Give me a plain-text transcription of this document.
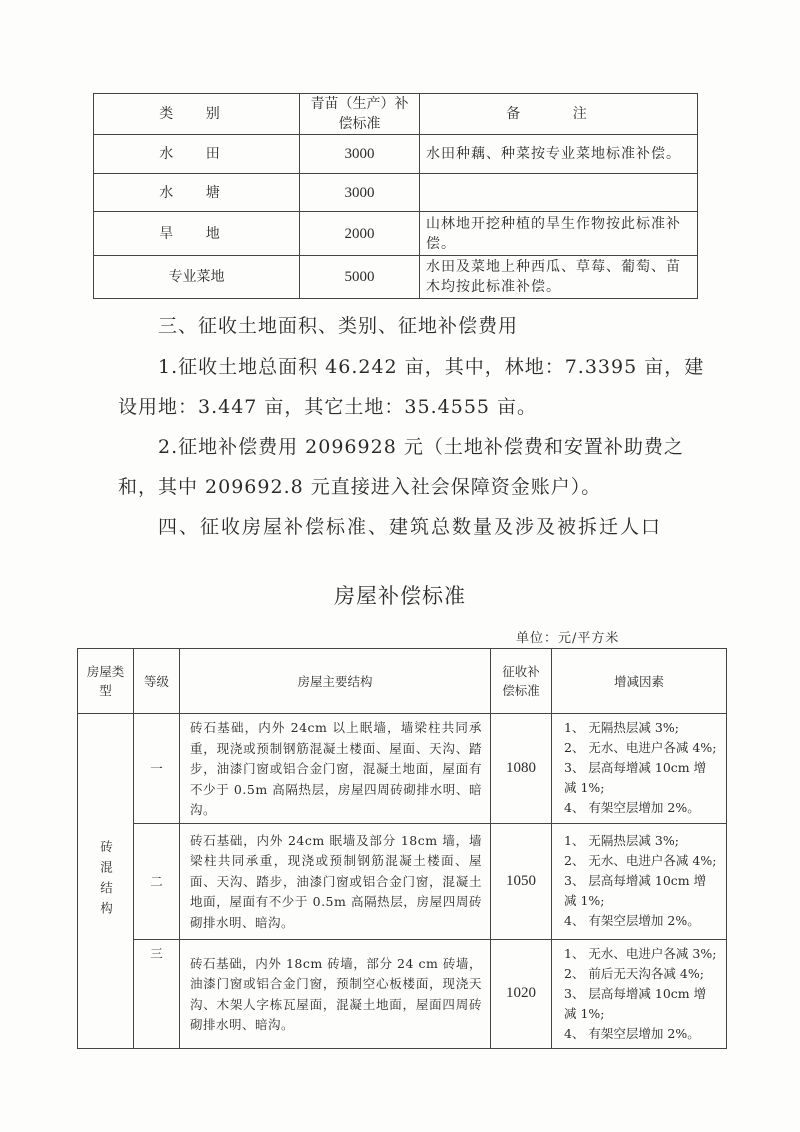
类 别	青苗（生产）补偿标准	备 注
水 田	3000	水田种藕、种菜按专业菜地标准补偿。
水 塘	3000	
旱 地	2000	山林地开挖种植的旱生作物按此标准补偿。
专业菜地	5000	水田及菜地上种西瓜、草莓、葡萄、苗木均按此标准补偿。
三、征收土地面积、类别、征地补偿费用
1.征收土地总面积 46.242 亩，其中，林地：7.3395 亩，建设用地：3.447 亩，其它土地：35.4555 亩。
2.征地补偿费用 2096928 元（土地补偿费和安置补助费之和，其中 209692.8 元直接进入社会保障资金账户）。
四、征收房屋补偿标准、建筑总数量及涉及被拆迁人口
房屋补偿标准
单位：元/平方米
房屋类型	等级	房屋主要结构	征收补偿标准	增减因素

砖混结构	一	砖石基础，内外 24cm 以上眠墙，墙梁柱共同承重，现浇或预制钢筋混凝土楼面、屋面、天沟、踏步，油漆门窗或铝合金门窗，混凝土地面，屋面有不少于 0.5m 高隔热层，房屋四周砖砌排水明、暗沟。	1080	1、 无隔热层减 3%;
2、 无水、电进户各减 4%;
3、 层高每增减 10cm 增减 1%;
4、 有架空层增加 2%。

	二	砖石基础，内外 24cm 眠墙及部分 18cm 墙，墙梁柱共同承重，现浇或预制钢筋混凝土楼面、屋面、天沟、踏步，油漆门窗或铝合金门窗，混凝土地面，屋面有不少于 0.5m 高隔热层，房屋四周砖砌排水明、暗沟。	1050	1、 无隔热层减 3%;
2、 无水、电进户各减 4%;
3、 层高每增减 10cm 增减 1%;
4、 有架空层增加 2%。

	三	砖石基础，内外 18cm 砖墙，部分 24 cm 砖墙，油漆门窗或铝合金门窗，预制空心板楼面，现浇天沟、木架人字栋瓦屋面，混凝土地面，屋面四周砖砌排水明、暗沟。	1020	1、 无水、电进户各减 3%;
2、 前后无天沟各减 4%;
3、 层高每增减 10cm 增减 1%;
4、 有架空层增加 2%。
